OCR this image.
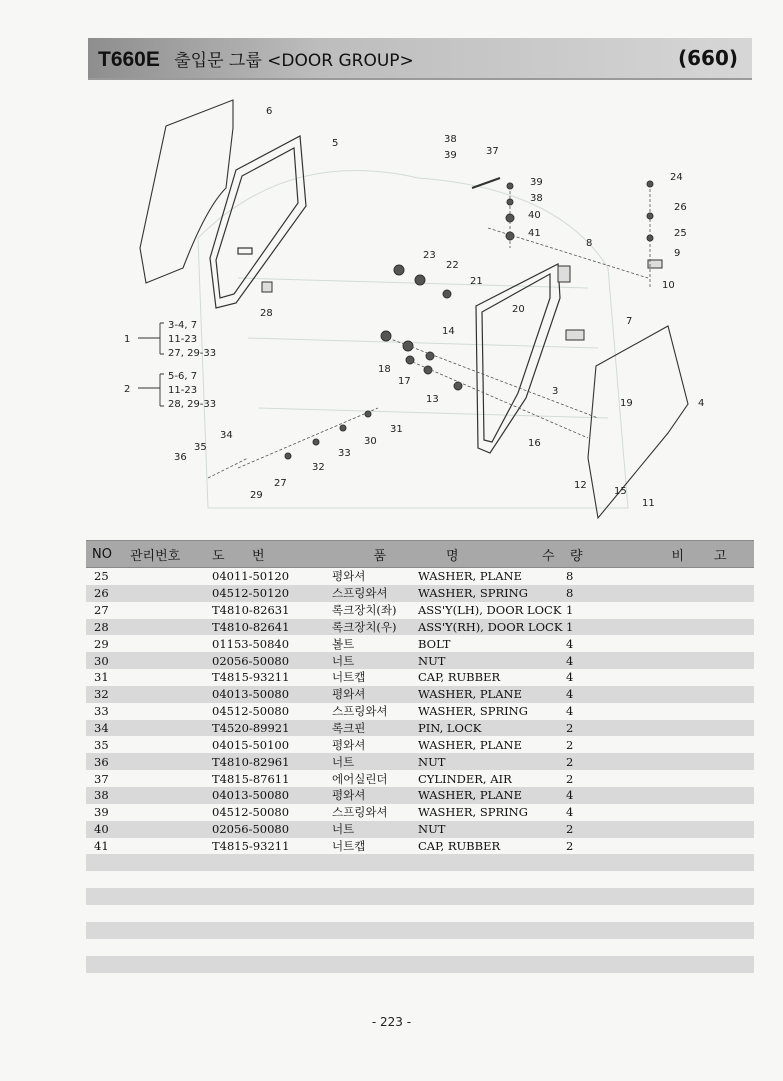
T660E 출입문 그룹 <DOOR GROUP>	(660)
1
3-4, 7
11-23
27, 29-33
2
5-6, 7
11-23
28, 29-33
3
4
5
6
7
8
9
10
11
12
13
14
15
16
17
18
19
20
21
22
23
24
25
26
27
28
29
30
31
32
33
34
35
36
37
38
39
40
41
39
38
NO	관리번호	도	번	품	명	수	량	비	고
25		04011-50120		평와셔	WASHER, PLANE		8		
26		04512-50120		스프링와셔	WASHER, SPRING		8		
27		T4810-82631		록크장치(좌)	ASS'Y(LH), DOOR LOCK		1		
28		T4810-82641		록크장치(우)	ASS'Y(RH), DOOR LOCK		1		
29		01153-50840		볼트	BOLT		4		
30		02056-50080		너트	NUT		4		
31		T4815-93211		너트캡	CAP, RUBBER		4		
32		04013-50080		평와셔	WASHER, PLANE		4		
33		04512-50080		스프링와셔	WASHER, SPRING		4		
34		T4520-89921		록크핀	PIN, LOCK		2		
35		04015-50100		평와셔	WASHER, PLANE		2		
36		T4810-82961		너트	NUT		2		
37		T4815-87611		에어실린더	CYLINDER, AIR		2		
38		04013-50080		평와셔	WASHER, PLANE		4		
39		04512-50080		스프링와셔	WASHER, SPRING		4		
40		02056-50080		너트	NUT		2		
41		T4815-93211		너트캡	CAP, RUBBER		2		

- 223 -
